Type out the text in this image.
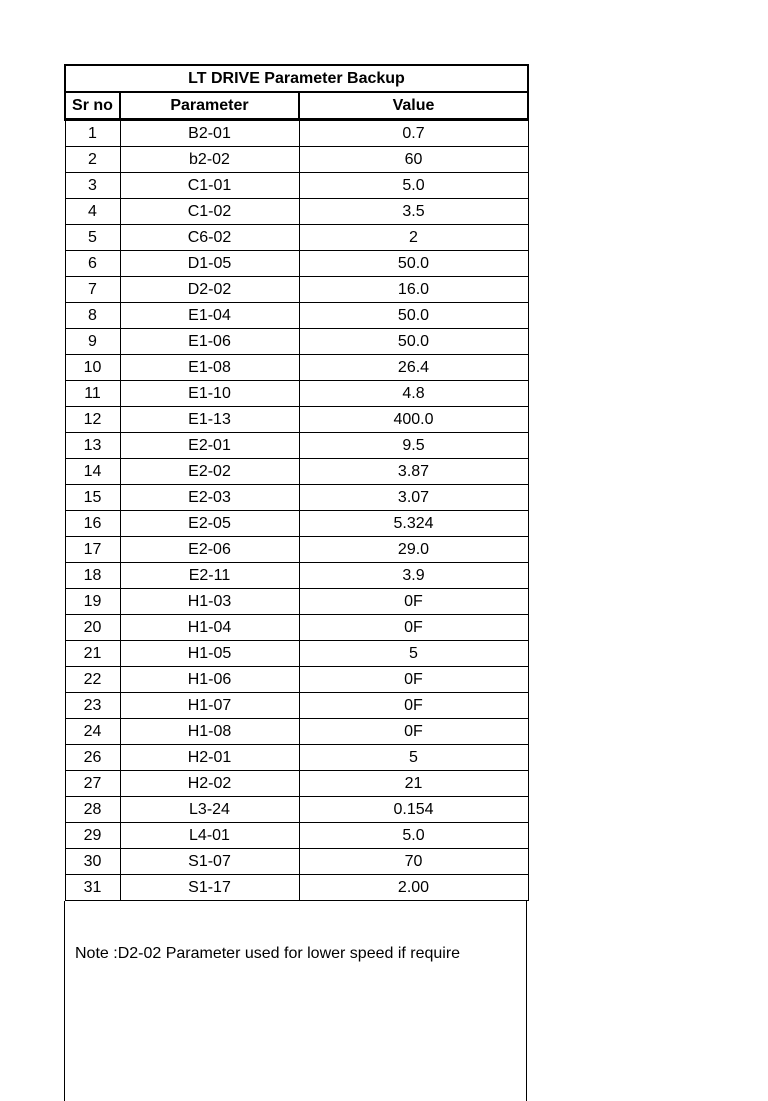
LT DRIVE Parameter Backup		
Sr no	Parameter	Value
1	B2-01	0.7
2	b2-02	60
3	C1-01	5.0
4	C1-02	3.5
5	C6-02	2
6	D1-05	50.0
7	D2-02	16.0
8	E1-04	50.0
9	E1-06	50.0
10	E1-08	26.4
11	E1-10	4.8
12	E1-13	400.0
13	E2-01	9.5
14	E2-02	3.87
15	E2-03	3.07
16	E2-05	5.324
17	E2-06	29.0
18	E2-11	3.9
19	H1-03	0F
20	H1-04	0F
21	H1-05	5
22	H1-06	0F
23	H1-07	0F
24	H1-08	0F
26	H2-01	5
27	H2-02	21
28	L3-24	0.154
29	L4-01	5.0
30	S1-07	70
31	S1-17	2.00
Note :D2-02 Parameter used for lower speed if require
